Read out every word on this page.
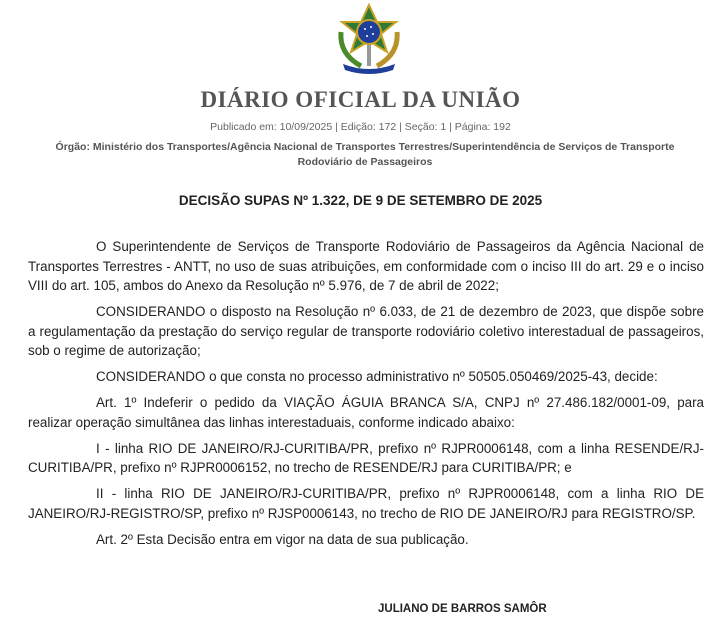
DIÁRIO OFICIAL DA UNIÃO
Publicado em: 10/09/2025 | Edição: 172 | Seção: 1 | Página: 192
Órgão: Ministério dos Transportes/Agência Nacional de Transportes Terrestres/Superintendência de Serviços de Transporte Rodoviário de Passageiros
DECISÃO SUPAS Nº 1.322, DE 9 DE SETEMBRO DE 2025

O Superintendente de Serviços de Transporte Rodoviário de Passageiros da Agência Nacional de Transportes Terrestres - ANTT, no uso de suas atribuições, em conformidade com o inciso III do art. 29 e o inciso VIII do art. 105, ambos do Anexo da Resolução nº 5.976, de 7 de abril de 2022;

CONSIDERANDO o disposto na Resolução nº 6.033, de 21 de dezembro de 2023, que dispõe sobre a regulamentação da prestação do serviço regular de transporte rodoviário coletivo interestadual de passageiros, sob o regime de autorização;

CONSIDERANDO o que consta no processo administrativo nº 50505.050469/2025-43, decide:

Art. 1º Indeferir o pedido da VIAÇÃO ÁGUIA BRANCA S/A, CNPJ nº 27.486.182/0001-09, para realizar operação simultânea das linhas interestaduais, conforme indicado abaixo:

I - linha RIO DE JANEIRO/RJ-CURITIBA/PR, prefixo nº RJPR0006148, com a linha RESENDE/RJ-CURITIBA/PR, prefixo nº RJPR0006152, no trecho de RESENDE/RJ para CURITIBA/PR; e

II - linha RIO DE JANEIRO/RJ-CURITIBA/PR, prefixo nº RJPR0006148, com a linha RIO DE JANEIRO/RJ-REGISTRO/SP, prefixo nº RJSP0006143, no trecho de RIO DE JANEIRO/RJ para REGISTRO/SP.

Art. 2º Esta Decisão entra em vigor na data de sua publicação.

JULIANO DE BARROS SAMÔR
